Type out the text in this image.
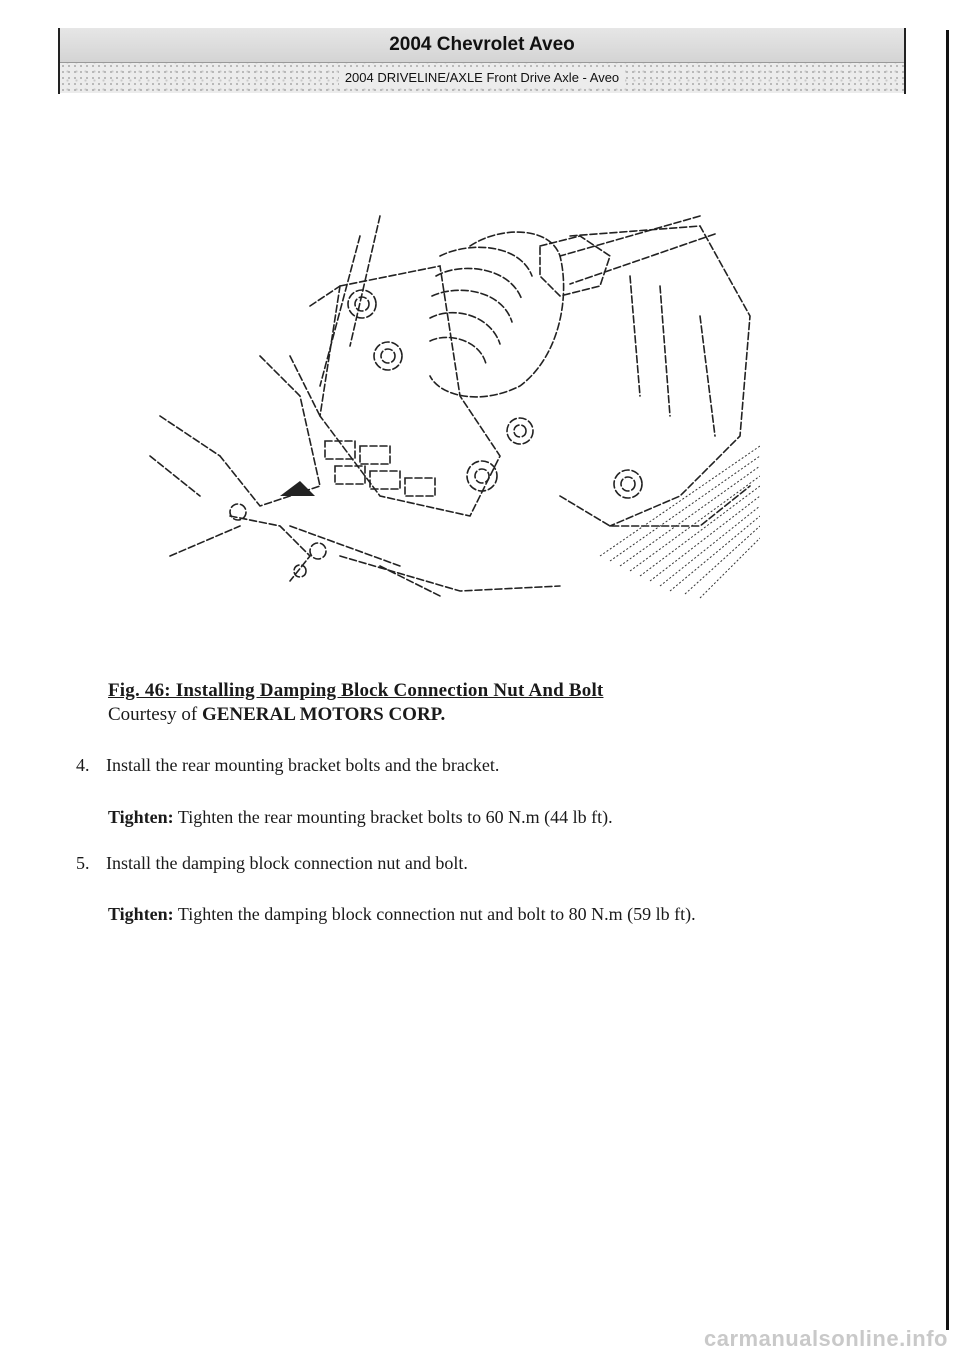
2004 Chevrolet Aveo
2004 DRIVELINE/AXLE Front Drive Axle - Aveo

Fig. 46: Installing Damping Block Connection Nut And Bolt

Courtesy of GENERAL MOTORS CORP.

4. Install the rear mounting bracket bolts and the bracket.
Tighten: Tighten the rear mounting bracket bolts to 60 N.m (44 lb ft).
5. Install the damping block connection nut and bolt.
Tighten: Tighten the damping block connection nut and bolt to 80 N.m (59 lb ft).
carmanualsonline.info
